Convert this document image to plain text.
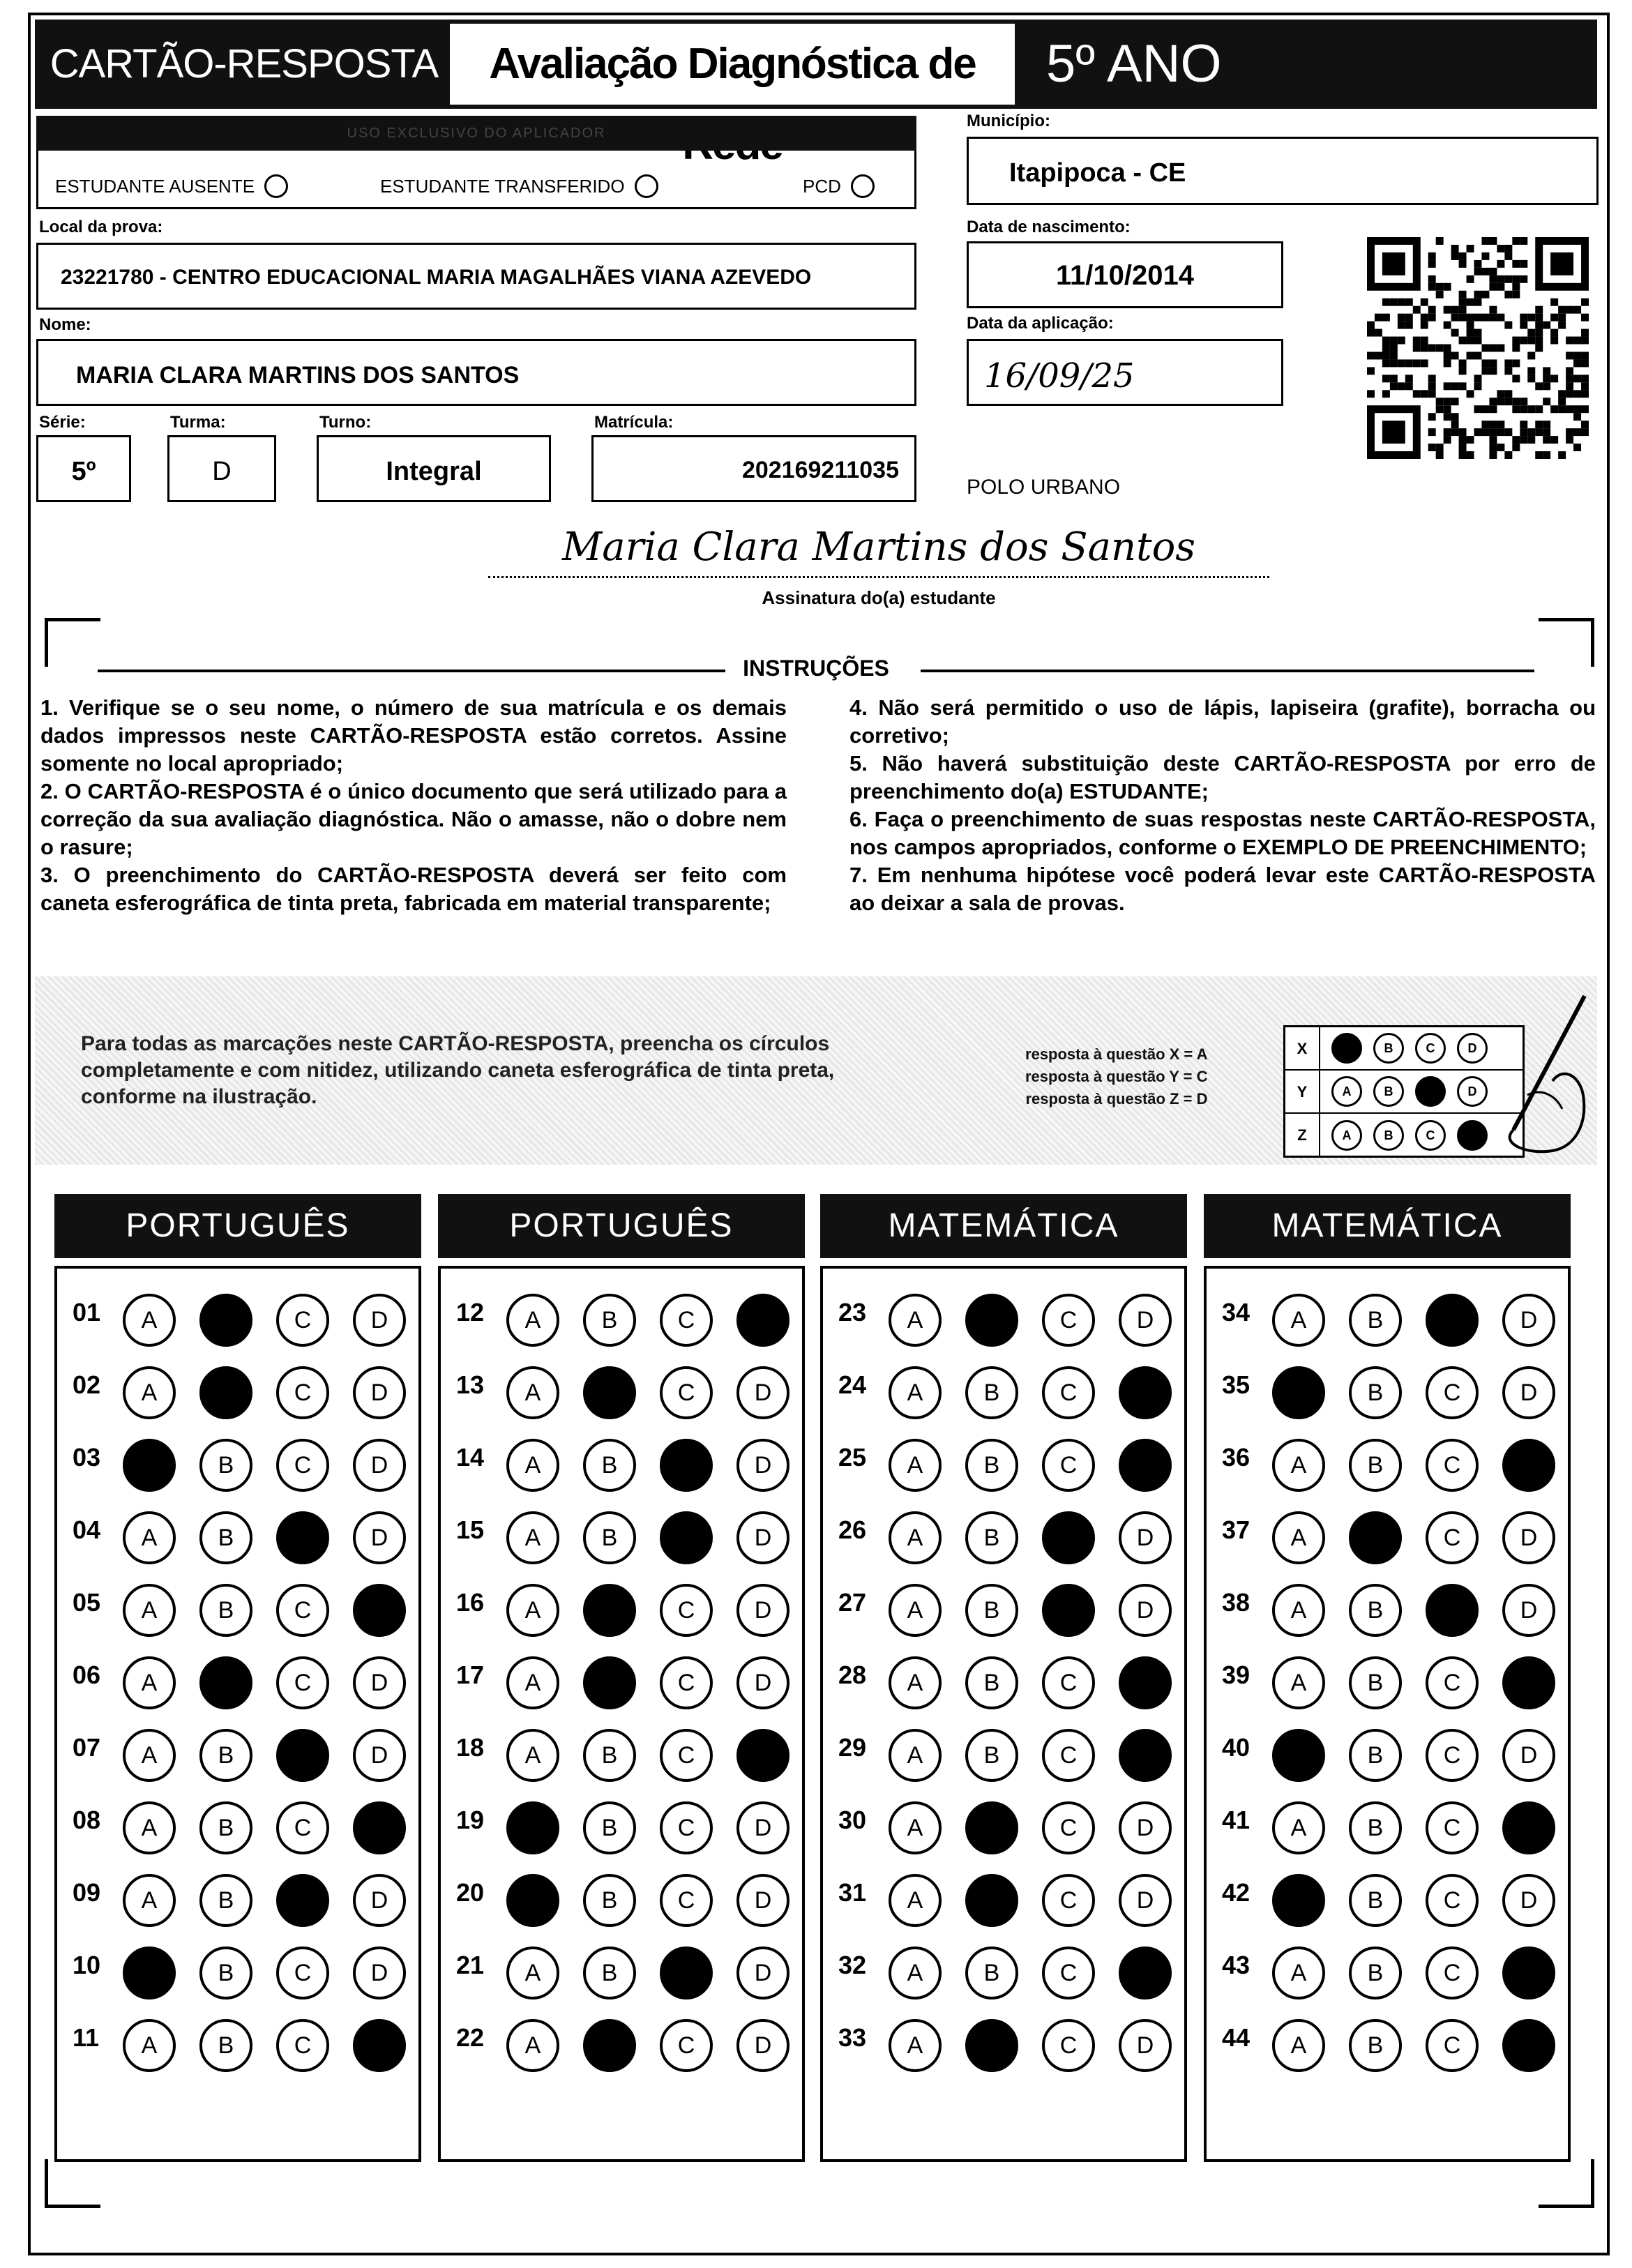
CARTÃO-RESPOSTA	Avaliação Diagnóstica de	5º ANO
USO EXCLUSIVO DO APLICADOR
ESTUDANTE AUSENTE	ESTUDANTE TRANSFERIDO	PCD
Município:
Itapipoca - CE
Local da prova:
23221780 - CENTRO EDUCACIONAL MARIA MAGALHÃES VIANA AZEVEDO
Data de nascimento:
11/10/2014
Nome:
MARIA CLARA MARTINS DOS SANTOS
Data da aplicação:
16/09/25
Série:
5º
Turma:
D
Turno:
Integral
Matrícula:
202169211035
POLO URBANO
Maria Clara Martins dos Santos
Assinatura do(a) estudante
INSTRUÇÕES

1. Verifique se o seu nome, o número de sua matrícula e os demais dados impressos neste CARTÃO-RESPOSTA estão corretos. Assine somente no local apropriado;

2. O CARTÃO-RESPOSTA é o único documento que será utilizado para a correção da sua avaliação diagnóstica. Não o amasse, não o dobre nem o rasure;

3. O preenchimento do CARTÃO-RESPOSTA deverá ser feito com caneta esferográfica de tinta preta, fabricada em material transparente;

4. Não será permitido o uso de lápis, lapiseira (grafite), borracha ou corretivo;

5. Não haverá substituição deste CARTÃO-RESPOSTA por erro de preenchimento do(a) ESTUDANTE;

6. Faça o preenchimento de suas respostas neste CARTÃO-RESPOSTA, nos campos apropriados, conforme o EXEMPLO DE PREENCHIMENTO;

7. Em nenhuma hipótese você poderá levar este CARTÃO-RESPOSTA ao deixar a sala de provas.

Para todas as marcações neste CARTÃO-RESPOSTA, preencha os círculos completamente e com nitidez, utilizando caneta esferográfica de tinta preta, conforme na ilustração.
resposta à questão X = A
resposta à questão Y = C
resposta à questão Z = D
X	A	B	C	D
Y	A	B	C	D
Z	A	B	C	D
PORTUGUÊS
01	A	B	C	D
02	A	B	C	D
03	A	B	C	D
04	A	B	C	D
05	A	B	C	D
06	A	B	C	D
07	A	B	C	D
08	A	B	C	D
09	A	B	C	D
10	A	B	C	D
11	A	B	C	D
PORTUGUÊS
12	A	B	C	D
13	A	B	C	D
14	A	B	C	D
15	A	B	C	D
16	A	B	C	D
17	A	B	C	D
18	A	B	C	D
19	A	B	C	D
20	A	B	C	D
21	A	B	C	D
22	A	B	C	D
MATEMÁTICA
23	A	B	C	D
24	A	B	C	D
25	A	B	C	D
26	A	B	C	D
27	A	B	C	D
28	A	B	C	D
29	A	B	C	D
30	A	B	C	D
31	A	B	C	D
32	A	B	C	D
33	A	B	C	D
MATEMÁTICA
34	A	B	C	D
35	A	B	C	D
36	A	B	C	D
37	A	B	C	D
38	A	B	C	D
39	A	B	C	D
40	A	B	C	D
41	A	B	C	D
42	A	B	C	D
43	A	B	C	D
44	A	B	C	D
